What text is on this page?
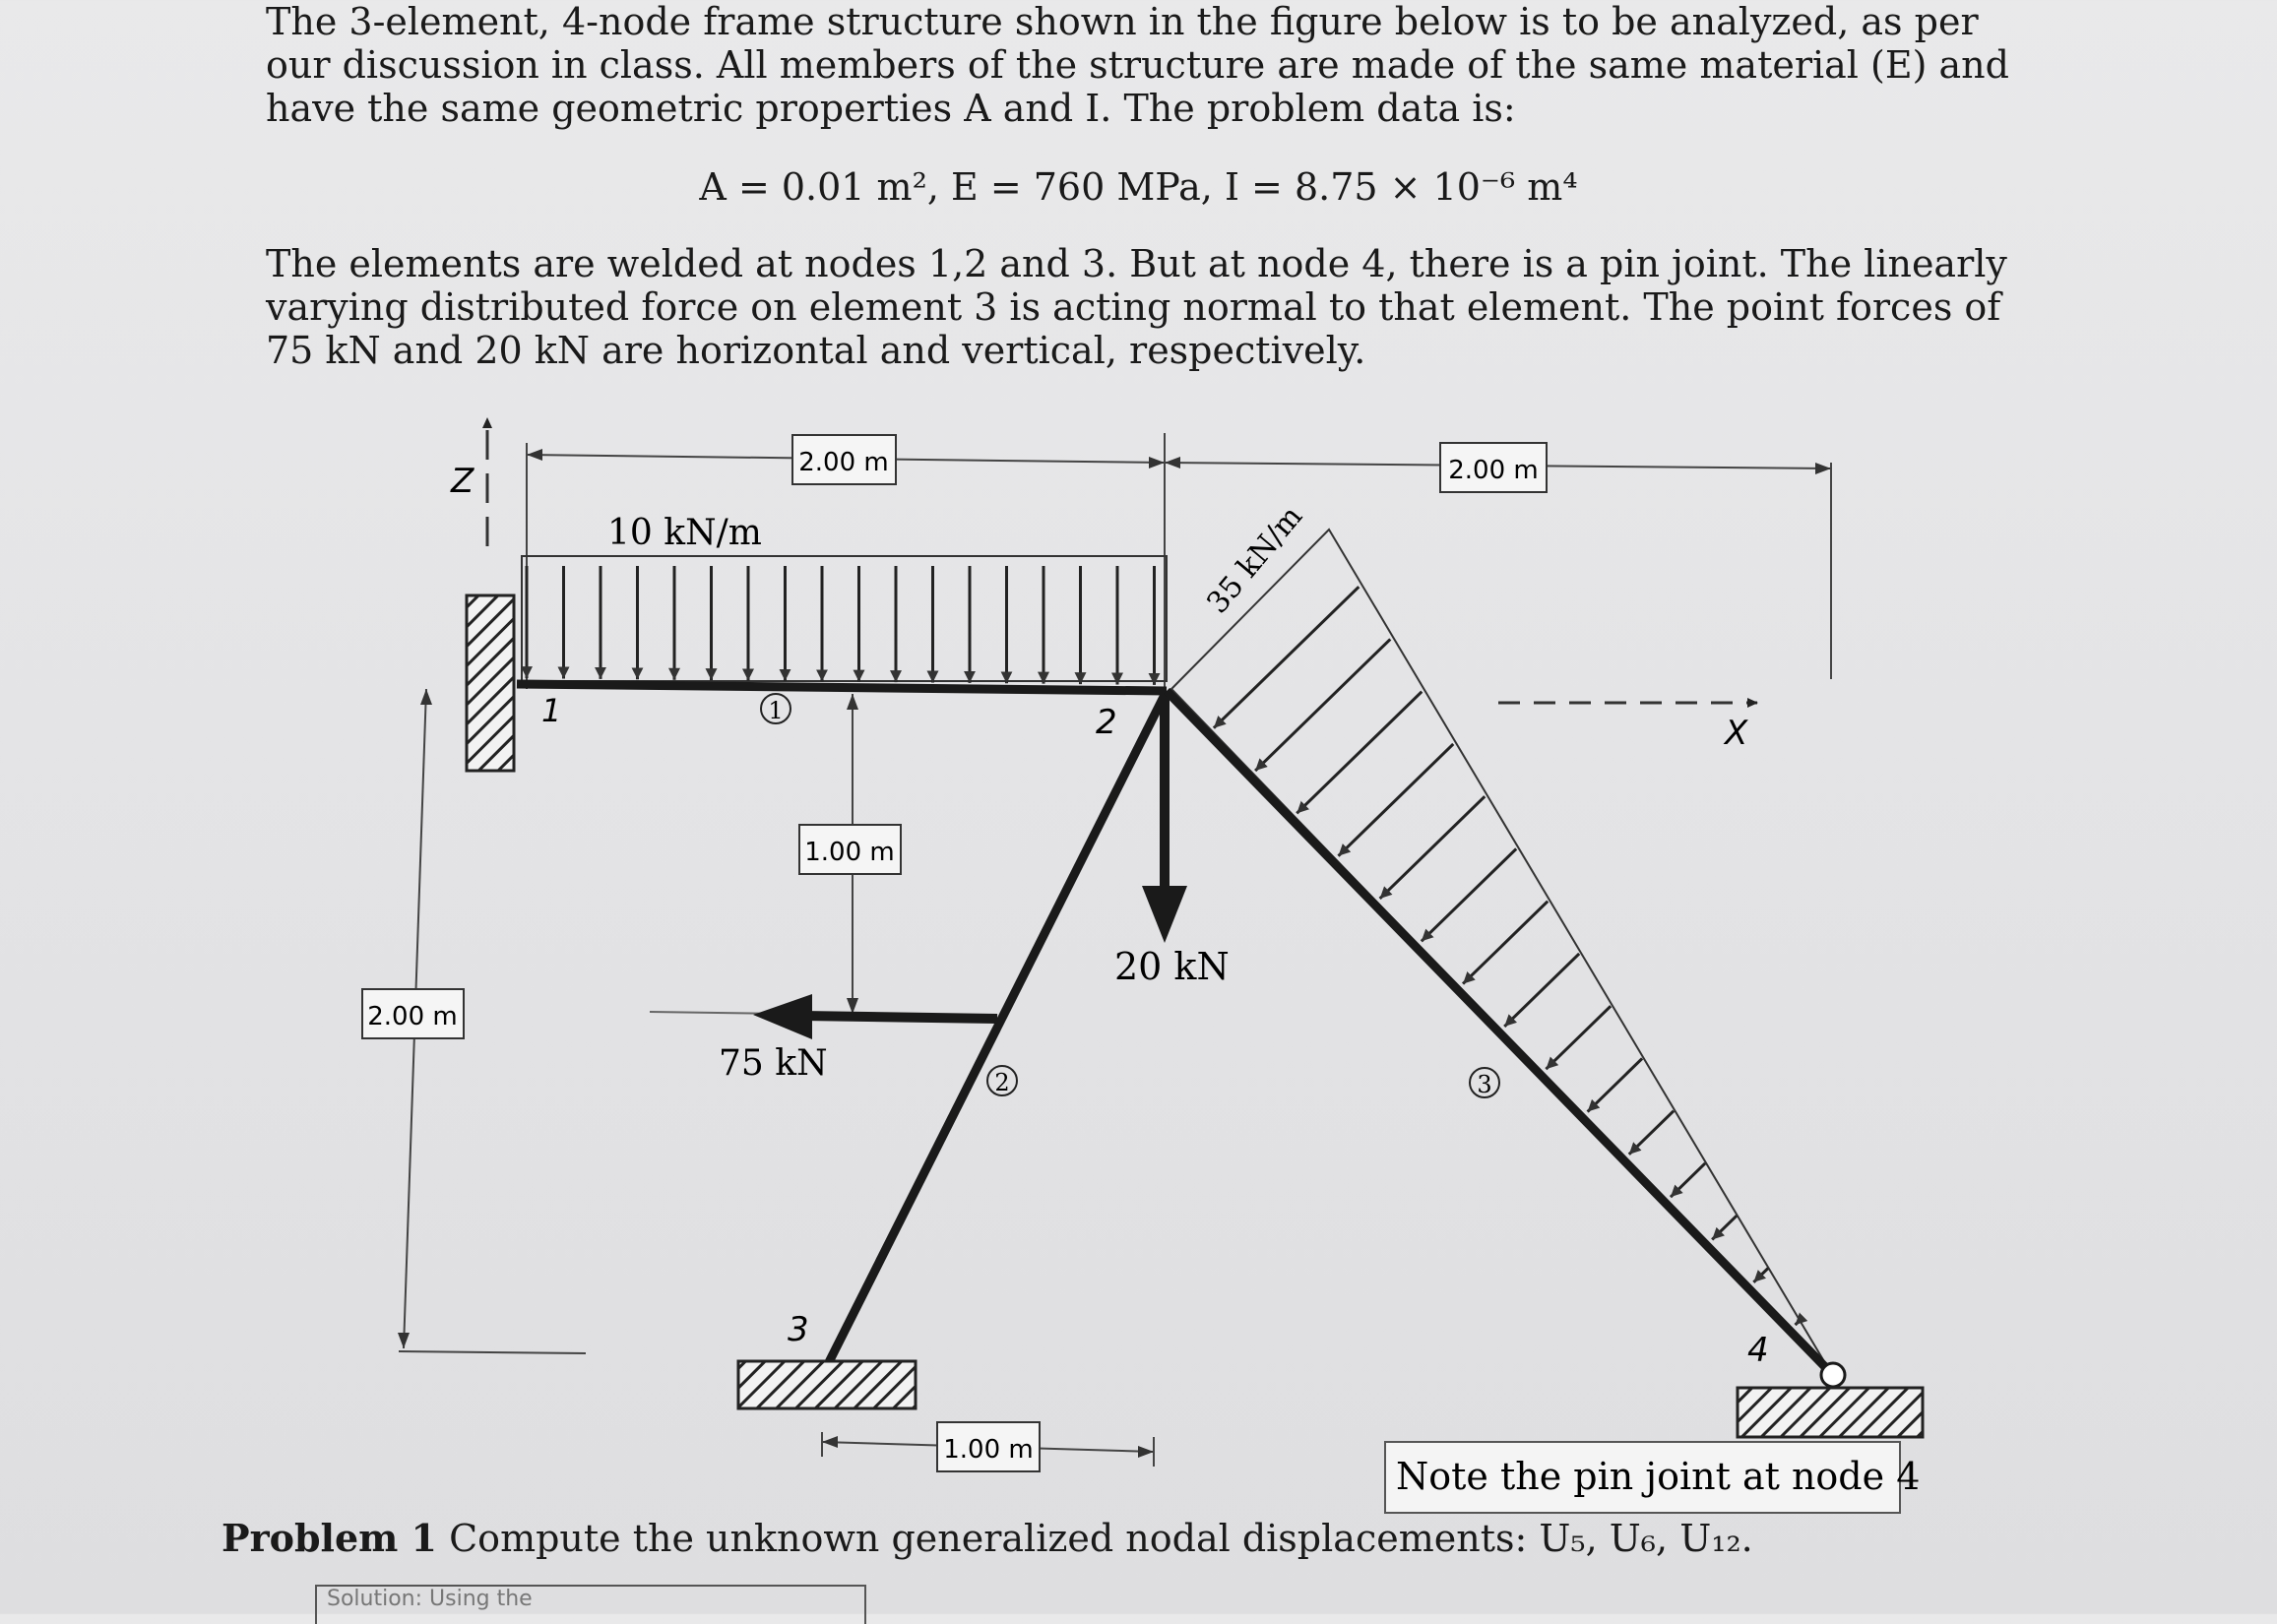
The 3-element, 4-node frame structure shown in the figure below is to be analyzed, as per our discussion in class. All members of the structure are made of the same material (E) and have the same geometric properties A and I. The problem data is:

A = 0.01 m², E = 760 MPa, I = 8.75 × 10⁻⁶ m⁴

The elements are welded at nodes 1,2 and 3. But at node 4, there is a pin joint. The linearly varying distributed force on element 3 is acting normal to that element. The point forces of 75 kN and 20 kN are horizontal and vertical, respectively.

Z	2.00 m	2.00 m
10 kN/m
1	1
1.00 m
2.00 m
2
2
3
1.00 m
20 kN
75 kN
X
35 kN/m
3
4
Note the pin joint at node 4

Problem 1 Compute the unknown generalized nodal displacements: U₅, U₆, U₁₂.

Solution: Using the
